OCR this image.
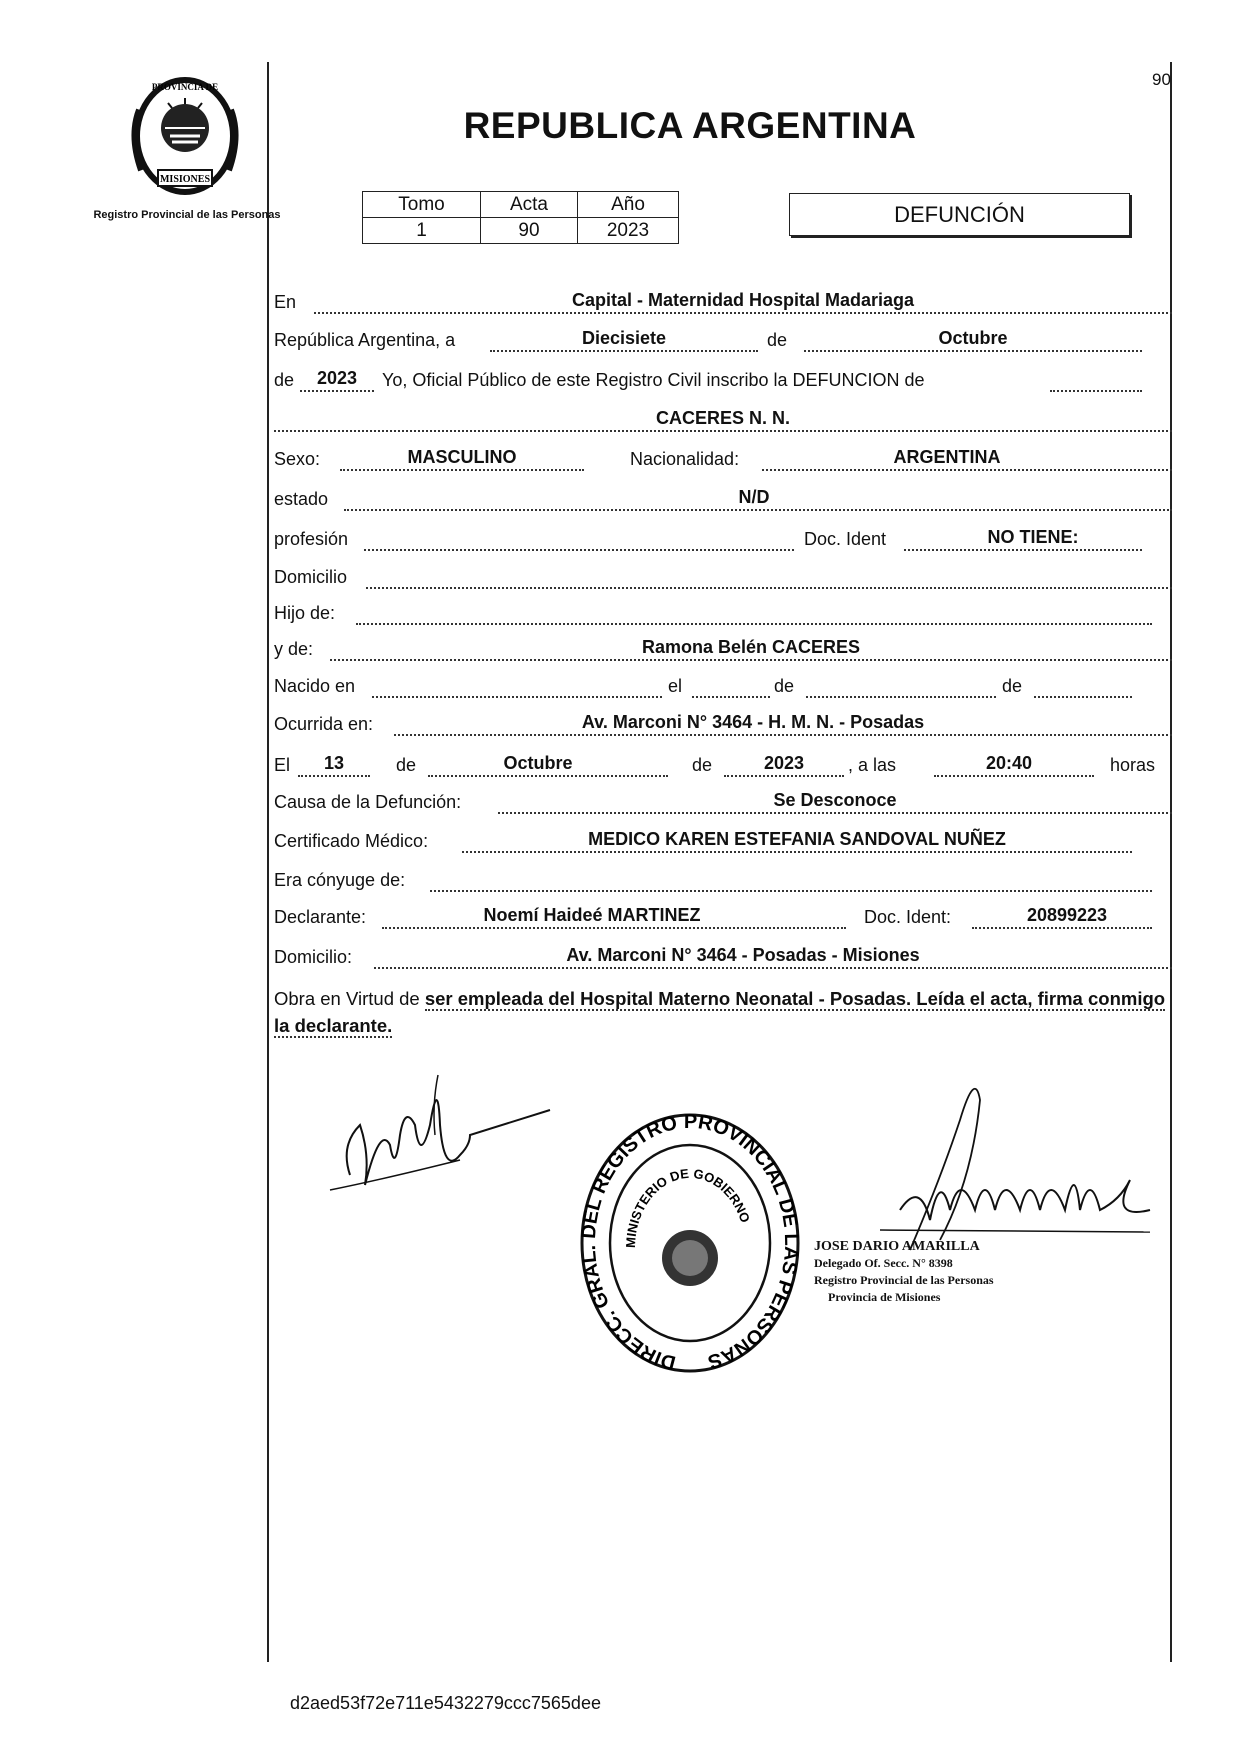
MISIONES
PROVINCIA DE
Registro Provincial de las Personas
90
REPUBLICA ARGENTINA
Tomo	Acta	Año
1	90	2023
DEFUNCIÓN
En	Capital - Maternidad Hospital Madariaga
República Argentina, a	Diecisiete	de	Octubre
de	2023	Yo, Oficial Público de este Registro Civil inscribo la DEFUNCION de
CACERES N. N.
Sexo:	MASCULINO	Nacionalidad:	ARGENTINA
estado	N/D
profesión	Doc. Ident	NO TIENE:
Domicilio
Hijo de:
y de:	Ramona Belén CACERES
Nacido en	el	de	de
Ocurrida en:	Av. Marconi N° 3464 - H. M. N. - Posadas
El	13	de	Octubre	de	2023	, a las	20:40	horas
Causa de la Defunción:	Se Desconoce
Certificado Médico:	MEDICO KAREN ESTEFANIA SANDOVAL NUÑEZ
Era cónyuge de:
Declarante:	Noemí Haideé MARTINEZ	Doc. Ident:	20899223
Domicilio:	Av. Marconi N° 3464 - Posadas - Misiones
Obra en Virtud de ser empleada del Hospital Materno Neonatal - Posadas. Leída el acta, firma conmigo la declarante.
DIRECC. GRAL. DEL REGISTRO PROVINCIAL DE LAS PERSONAS
MINISTERIO DE GOBIERNO
JOSE DARIO AMARILLA
Delegado Of. Secc. N° 8398
Registro Provincial de las Personas
Provincia de Misiones
d2aed53f72e711e5432279ccc7565dee
